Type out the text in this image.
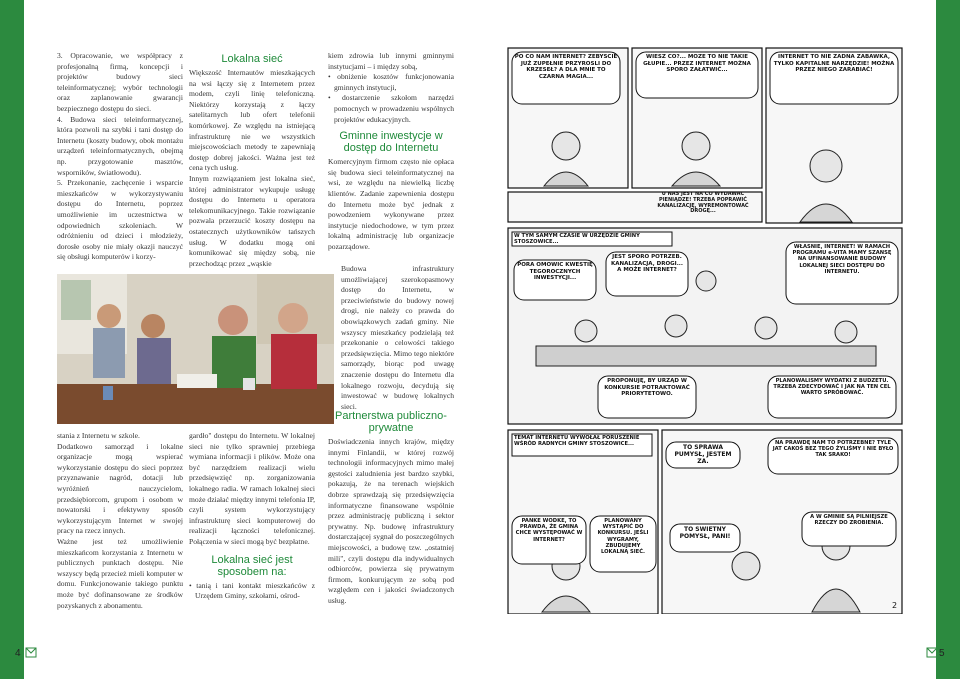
3. Opracowanie, we współpracy z profesjonalną firmą, koncepcji i projektów budowy sieci teleinformatycznej; wybór technologii oraz zaplanowanie gwarancji bezpiecznego dostępu do sieci.

4. Budowa sieci teleinformatycznej, która pozwoli na szybki i tani dostęp do Internetu (koszty budowy, obok montażu urządzeń teleinformatycznych, obejmą np. przygotowanie masztów, wsporników, światłowodu).

5. Przekonanie, zachęcenie i wsparcie mieszkańców w wykorzystywaniu dostępu do Internetu, poprzez umożliwienie im uczestnictwa w odpowiednich szkoleniach. W odróżnieniu od dzieci i młodzieży, dorosłe osoby nie miały okazji nauczyć się obsługi komputerów i korzy-

stania z Internetu w szkole.

Dodatkowo samorząd i lokalne organizacje mogą wspierać wykorzystanie dostępu do sieci poprzez przyznawanie nagród, dotacji lub wyróżnień nauczycielom, przedsiębiorcom, grupom i osobom w nowatorski i efektywny sposób wykorzystującym Internet w swojej pracy na rzecz innych.

Ważne jest też umożliwienie mieszkańcom korzystania z Internetu w publicznych punktach dostępu. Nie wszyscy będą przecież mieli komputer w domu. Funkcjonowanie takiego punktu może być dofinansowane ze środków pozyskanych z abonamentu.

Lokalna sieć

Większość Internautów mieszkających na wsi łączy się z Internetem przez modem, czyli linię telefoniczną. Niektórzy korzystają z łączy satelitarnych lub ofert telefonii komórkowej. Ze względu na istniejącą infrastrukturę nie we wszystkich miejscowościach metody te zapewniają dostęp dobrej jakości. Ważna jest też cena tych usług.

Innym rozwiązaniem jest lokalna sieć, której administrator wykupuje usługę dostępu do Internetu u operatora telekomunikacyjnego. Takie rozwiązanie pozwala przerzucić koszty dostępu na ostatecznych użytkowników tańszych usług. W dodatku mogą oni komunikować się między sobą, nie przechodząc przez „wąskie

gardło" dostępu do Internetu. W lokalnej sieci nie tylko sprawniej przebiega wymiana informacji i plików. Może ona być narzędziem realizacji wielu przedsięwzięć np. zorganizowania lokalnego radia. W ramach lokalnej sieci może działać między innymi telefonia IP, czyli system wykorzystujący infrastrukturę sieci komputerowej do realizacji łączności telefonicznej. Połączenia w sieci mogą być bezpłatne.

Lokalna sieć jest sposobem na:

• tanią i tani kontakt mieszkańców z Urzędem Gminy, szkołami, ośrod-

kiem zdrowia lub innymi gminnymi instytucjami – i między sobą,

• obniżenie kosztów funkcjonowania gminnych instytucji,

• dostarczenie szkołom narzędzi pomocnych w prowadzeniu wspólnych projektów edukacyjnych.

Gminne inwestycje w dostęp do Internetu

Komercyjnym firmom często nie opłaca się budowa sieci teleinformatycznej na wsi, ze względu na niewielką liczbę klientów. Zadanie zapewnienia dostępu do Internetu może być jednak z powodzeniem wykonywane przez instytucje niedochodowe, w tym przez lokalną administrację lub organizacje pozarządowe.

Budowa infrastruktury umożliwiającej szerokopasmowy dostęp do Internetu, w przeciwieństwie do budowy nowej drogi, nie należy co prawda do obowiązkowych zadań gminy. Nie wszyscy mieszkańcy podzielają też przekonanie o celowości takiego przedsięwzięcia. Mimo tego niektóre samorządy, biorąc pod uwagę znaczenie dostępu do Internetu dla lokalnego rozwoju, decydują się inwestować w budowę lokalnych sieci.

Partnerstwa publiczno-prywatne

Doświadczenia innych krajów, między innymi Finlandii, w której rozwój technologii informacyjnych mimo małej gęstości zaludnienia jest bardzo szybki, pokazują, że na terenach wiejskich dobrze sprawdzają się przedsięwzięcia informatyczne finansowane wspólnie przez administrację publiczną i sektor prywatny. Np. budowę infrastruktury dostarczającej sygnał do poszczególnych miejscowości, a budowę tzw. „ostatniej mili", czyli dostępu dla indywidualnych odbiorców, powierza się prywatnym firmom, konkurującym ze sobą pod względem cen i jakości świadczonych usług.

PO CO NAM INTERNET? ŻEBYŚCIE JUŻ ZUPEŁNIE PRZYROSLI DO KRZESEŁ? A DLA MNIE TO CZARNA MAGIA...
WIESZ CO?... MOŻE TO NIE TAKIE GŁUPIE... PRZEZ INTERNET MOŻNA SPORO ZAŁATWIĆ...
INTERNET TO NIE ŻADNA ZABAWKA, TYLKO KAPITALNE NARZĘDZIE! MOŻNA PRZEZ NIEGO ZARABIAĆ!
U NAS JEST NA CO WYDAWAĆ PIENIĄDZE! TRZEBA POPRAWIĆ KANALIZACJĘ, WYREMONTOWAĆ DROGĘ...
W TYM SAMYM CZASIE W URZĘDZIE GMINY STOSZOWICE...
PORA OMÓWIĆ KWESTIĘ TEGOROCZNYCH INWESTYCJI...
JEST SPORO POTRZEB. KANALIZACJA, DROGI... A MOŻE INTERNET?
WŁAŚNIE, INTERNET! W RAMACH PROGRAMU e-VITA MAMY SZANSĘ NA UFINANSOWANIE BUDOWY LOKALNEJ SIECI DOSTĘPU DO INTERNETU.
PROPONUJĘ, BY URZĄD W KONKURSIE POTRAKTOWAĆ PRIORYTETOWO.
PLANOWALIŚMY WYDATKI Z BUDŻETU. TRZEBA ZDECYDOWAĆ I JAK NA TEN CEL WARTO SPRÓBOWAĆ.
TEMAT INTERNETU WYWOŁAŁ PORUSZENIE WŚRÓD RADNYCH GMINY STOSZOWICE...	TO SPRAWA PUMYSŁ, JESTEM ZA.
NA PRAWDĘ NAM TO POTRZEBNE? TYLE JAT CAKOŚ BEZ TEGO ŻYLIŚMY I NIE BYŁO TAK SRAKO!
PANKE WÓDKE, TO PRAWDA, ŻE GMINA CHCE WYSTĘPOWAĆ W INTERNET?
PLANOWANY WYSTĄPIĆ DO KONKURSU. JEŚLI WYGRAMY, ZBUDUJEMY LOKALNĄ SIEĆ.
TO ŚWIETNY POMYSŁ, PANI!
A W GMINIE SĄ PILNIEJSZE RZECZY DO ZROBIENIA.
2
4	5
